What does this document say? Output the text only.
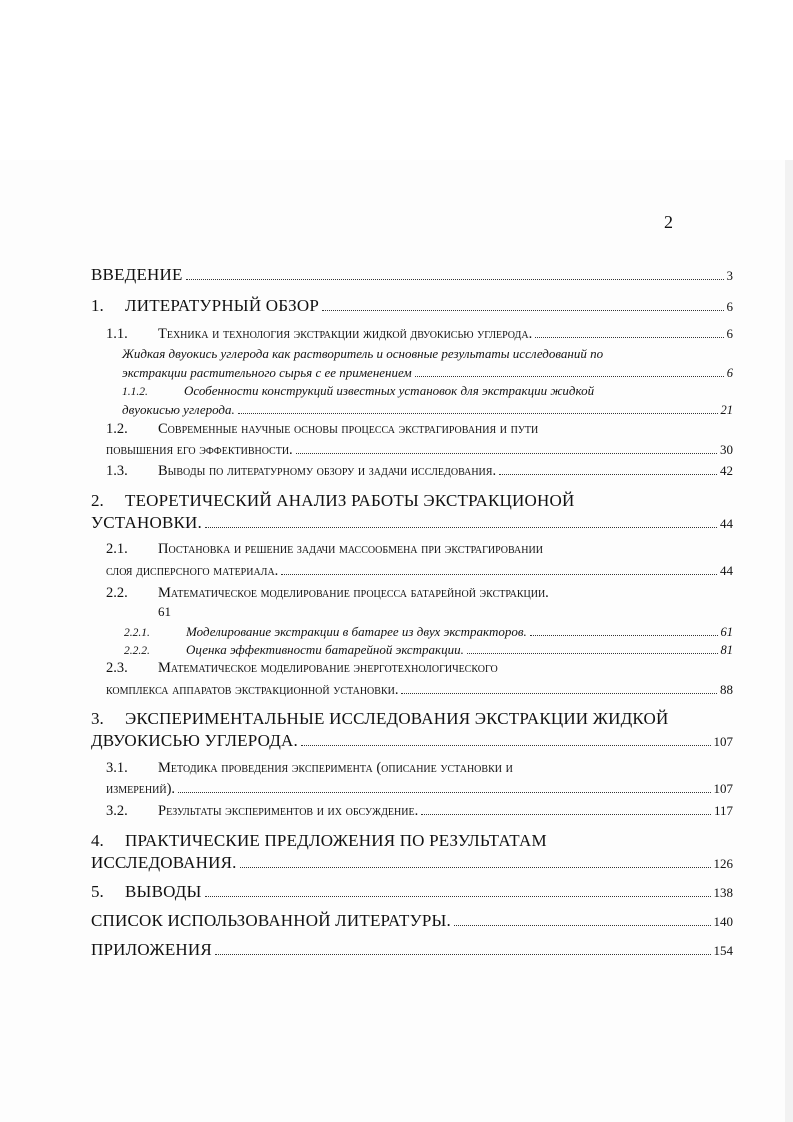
2
ВВЕДЕНИЕ	3
1.	ЛИТЕРАТУРНЫЙ ОБЗОР	6
1.1.	Техника и технология экстракции жидкой двуокисью углерода.	6
Жидкая двуокись углерода как растворитель и основные результаты исследований по
экстракции растительного сырья с ее применением	6
1.1.2.	Особенности конструкций известных установок для экстракции жидкой
двуокисью углерода.	21
1.2.	Современные научные основы процесса экстрагирования и пути
повышения его эффективности.	30
1.3.	Выводы по литературному обзору и задачи исследования.	42
2.	ТЕОРЕТИЧЕСКИЙ АНАЛИЗ РАБОТЫ ЭКСТРАКЦИОНОЙ
УСТАНОВКИ.	44
2.1.	Постановка и решение задачи массообмена при экстрагировании
слоя дисперсного материала.	44
2.2.	Математическое моделирование процесса батарейной экстракции.
61
2.2.1.	Моделирование экстракции в батарее из двух экстракторов.	61
2.2.2.	Оценка эффективности батарейной экстракции.	81
2.3.	Математическое моделирование энерготехнологического
комплекса аппаратов экстракционной установки.	88
3.	ЭКСПЕРИМЕНТАЛЬНЫЕ ИССЛЕДОВАНИЯ ЭКСТРАКЦИИ ЖИДКОЙ
ДВУОКИСЬЮ УГЛЕРОДА.	107
3.1.	Методика проведения эксперимента (описание установки и
измерений).	107
3.2.	Результаты экспериментов и их обсуждение.	117
4.	ПРАКТИЧЕСКИЕ ПРЕДЛОЖЕНИЯ ПО РЕЗУЛЬТАТАМ
ИССЛЕДОВАНИЯ.	126
5.	ВЫВОДЫ	138
СПИСОК ИСПОЛЬЗОВАННОЙ ЛИТЕРАТУРЫ.	140
ПРИЛОЖЕНИЯ	154
